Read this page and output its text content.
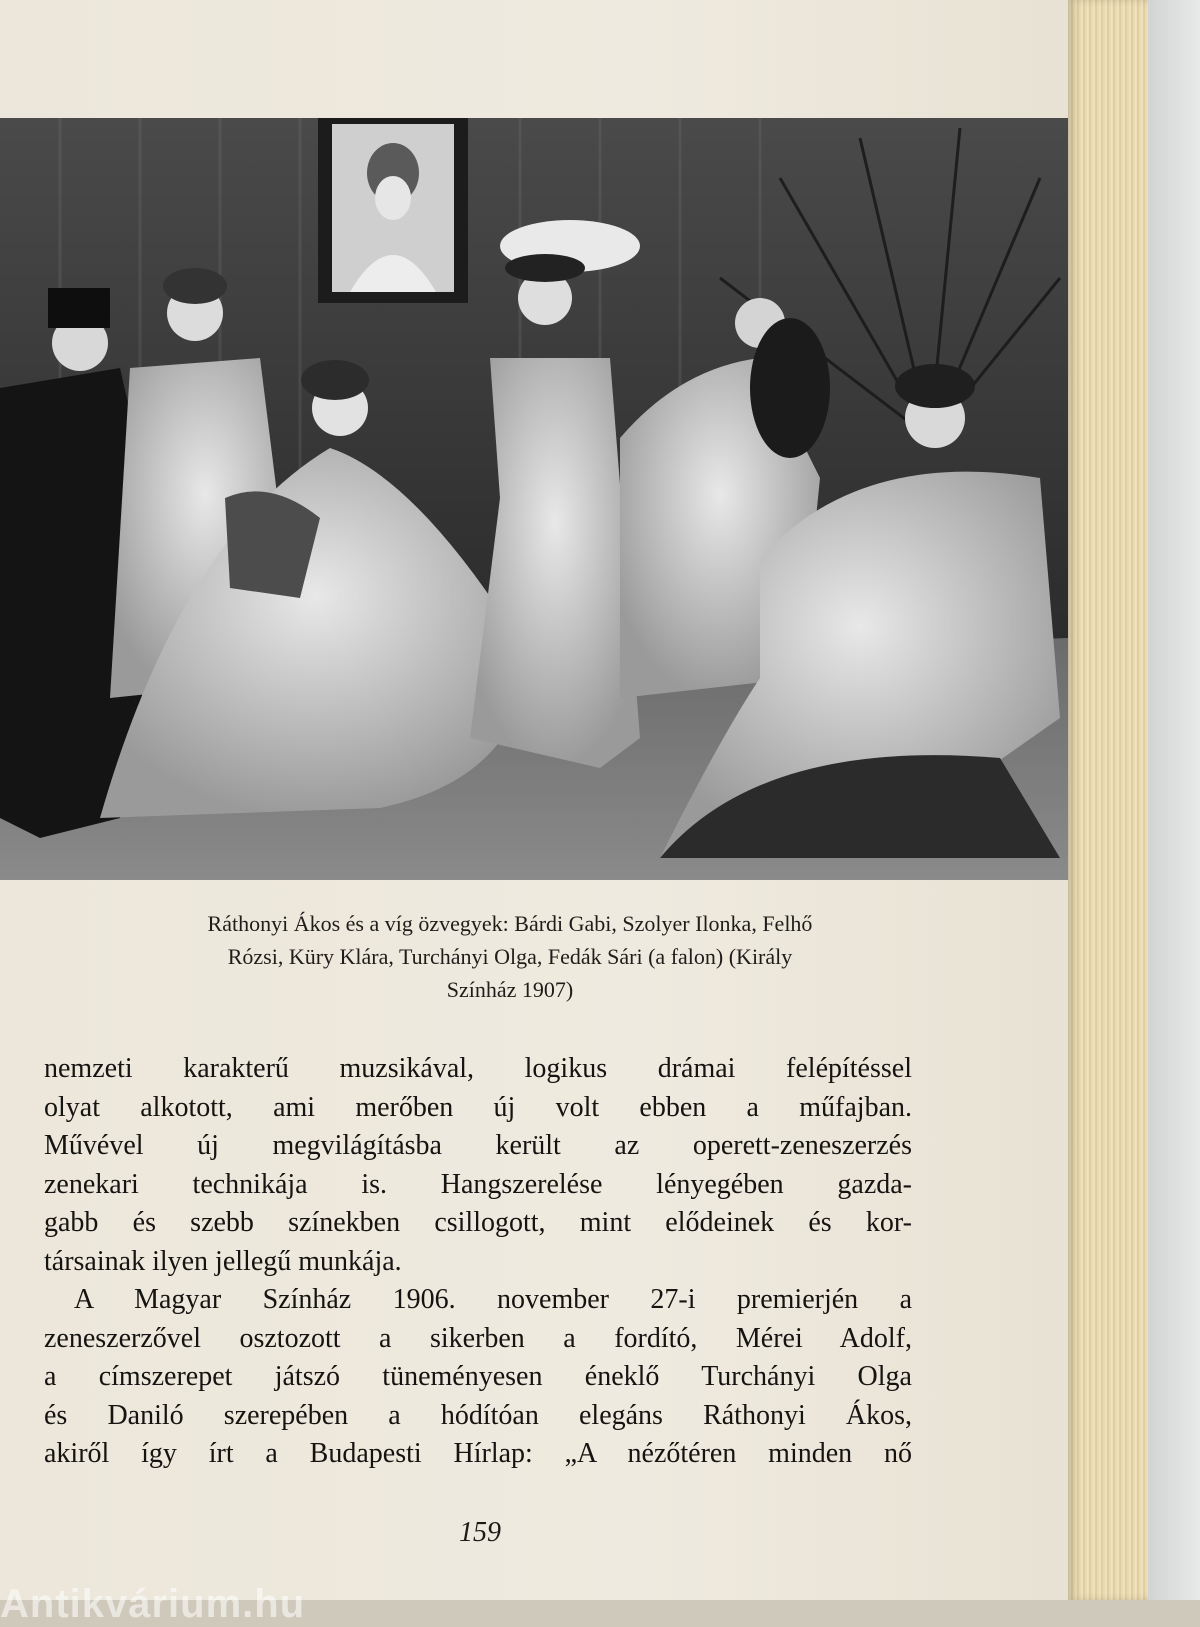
Ráthonyi Ákos és a víg özvegyek: Bárdi Gabi, Szolyer Ilonka, Felhő
Rózsi, Küry Klára, Turchányi Olga, Fedák Sári (a falon) (Király
Színház 1907)
nemzeti karakterű muzsikával, logikus drámai felépítéssel
olyat alkotott, ami merőben új volt ebben a műfajban.
Művével új megvilágításba került az operett-zeneszerzés
zenekari technikája is. Hangszerelése lényegében gazda-
gabb és szebb színekben csillogott, mint elődeinek és kor-
társainak ilyen jellegű munkája.
A Magyar Színház 1906. november 27-i premierjén a
zeneszerzővel osztozott a sikerben a fordító, Mérei Adolf,
a címszerepet játszó tüneményesen éneklő Turchányi Olga
és Daniló szerepében a hódítóan elegáns Ráthonyi Ákos,
akiről így írt a Budapesti Hírlap: „A nézőtéren minden nő
159
Antikvárium.hu
